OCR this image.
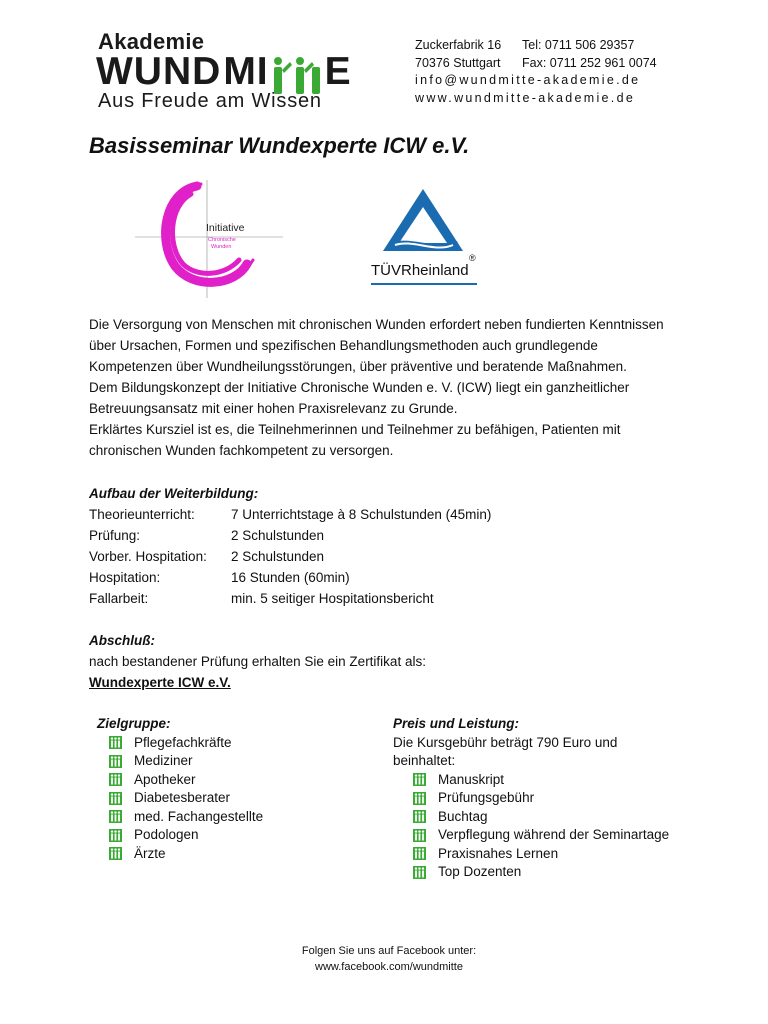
Akademie
WUND MI E
Aus Freude am Wissen
Zuckerfabrik 16	Tel: 0711 506 29357
70376 Stuttgart	Fax: 0711 252 961 0074
info@wundmitte-akademie.de
www.wundmitte-akademie.de
Basisseminar Wundexperte ICW e.V.
Initiative
Chronische
Wunden
TÜVRheinland
®
Die Versorgung von Menschen mit chronischen Wunden erfordert neben fundierten Kenntnissen
über Ursachen, Formen und spezifischen Behandlungsmethoden auch grundlegende
Kompetenzen über Wundheilungsstörungen, über präventive und beratende Maßnahmen.
Dem Bildungskonzept der Initiative Chronische Wunden e. V. (ICW) liegt ein ganzheitlicher
Betreuungsansatz mit einer hohen Praxisrelevanz zu Grunde.
Erklärtes Kursziel ist es, die Teilnehmerinnen und Teilnehmer zu befähigen, Patienten mit
chronischen Wunden fachkompetent zu versorgen.
Aufbau der Weiterbildung:
Theorieunterricht:	7 Unterrichtstage à 8 Schulstunden (45min)
Prüfung:	2 Schulstunden
Vorber. Hospitation:	2 Schulstunden
Hospitation:	16 Stunden (60min)
Fallarbeit:	min. 5 seitiger Hospitationsbericht
Abschluß:
nach bestandener Prüfung erhalten Sie ein Zertifikat als:
Wundexperte ICW e.V.
Zielgruppe:
Pflegefachkräfte
Mediziner
Apotheker
Diabetesberater
med. Fachangestellte
Podologen
Ärzte
Preis und Leistung:
Die Kursgebühr beträgt 790 Euro und
beinhaltet:
Manuskript
Prüfungsgebühr
Buchtag
Verpflegung während der Seminartage
Praxisnahes Lernen
Top Dozenten
Folgen Sie uns auf Facebook unter:
www.facebook.com/wundmitte
